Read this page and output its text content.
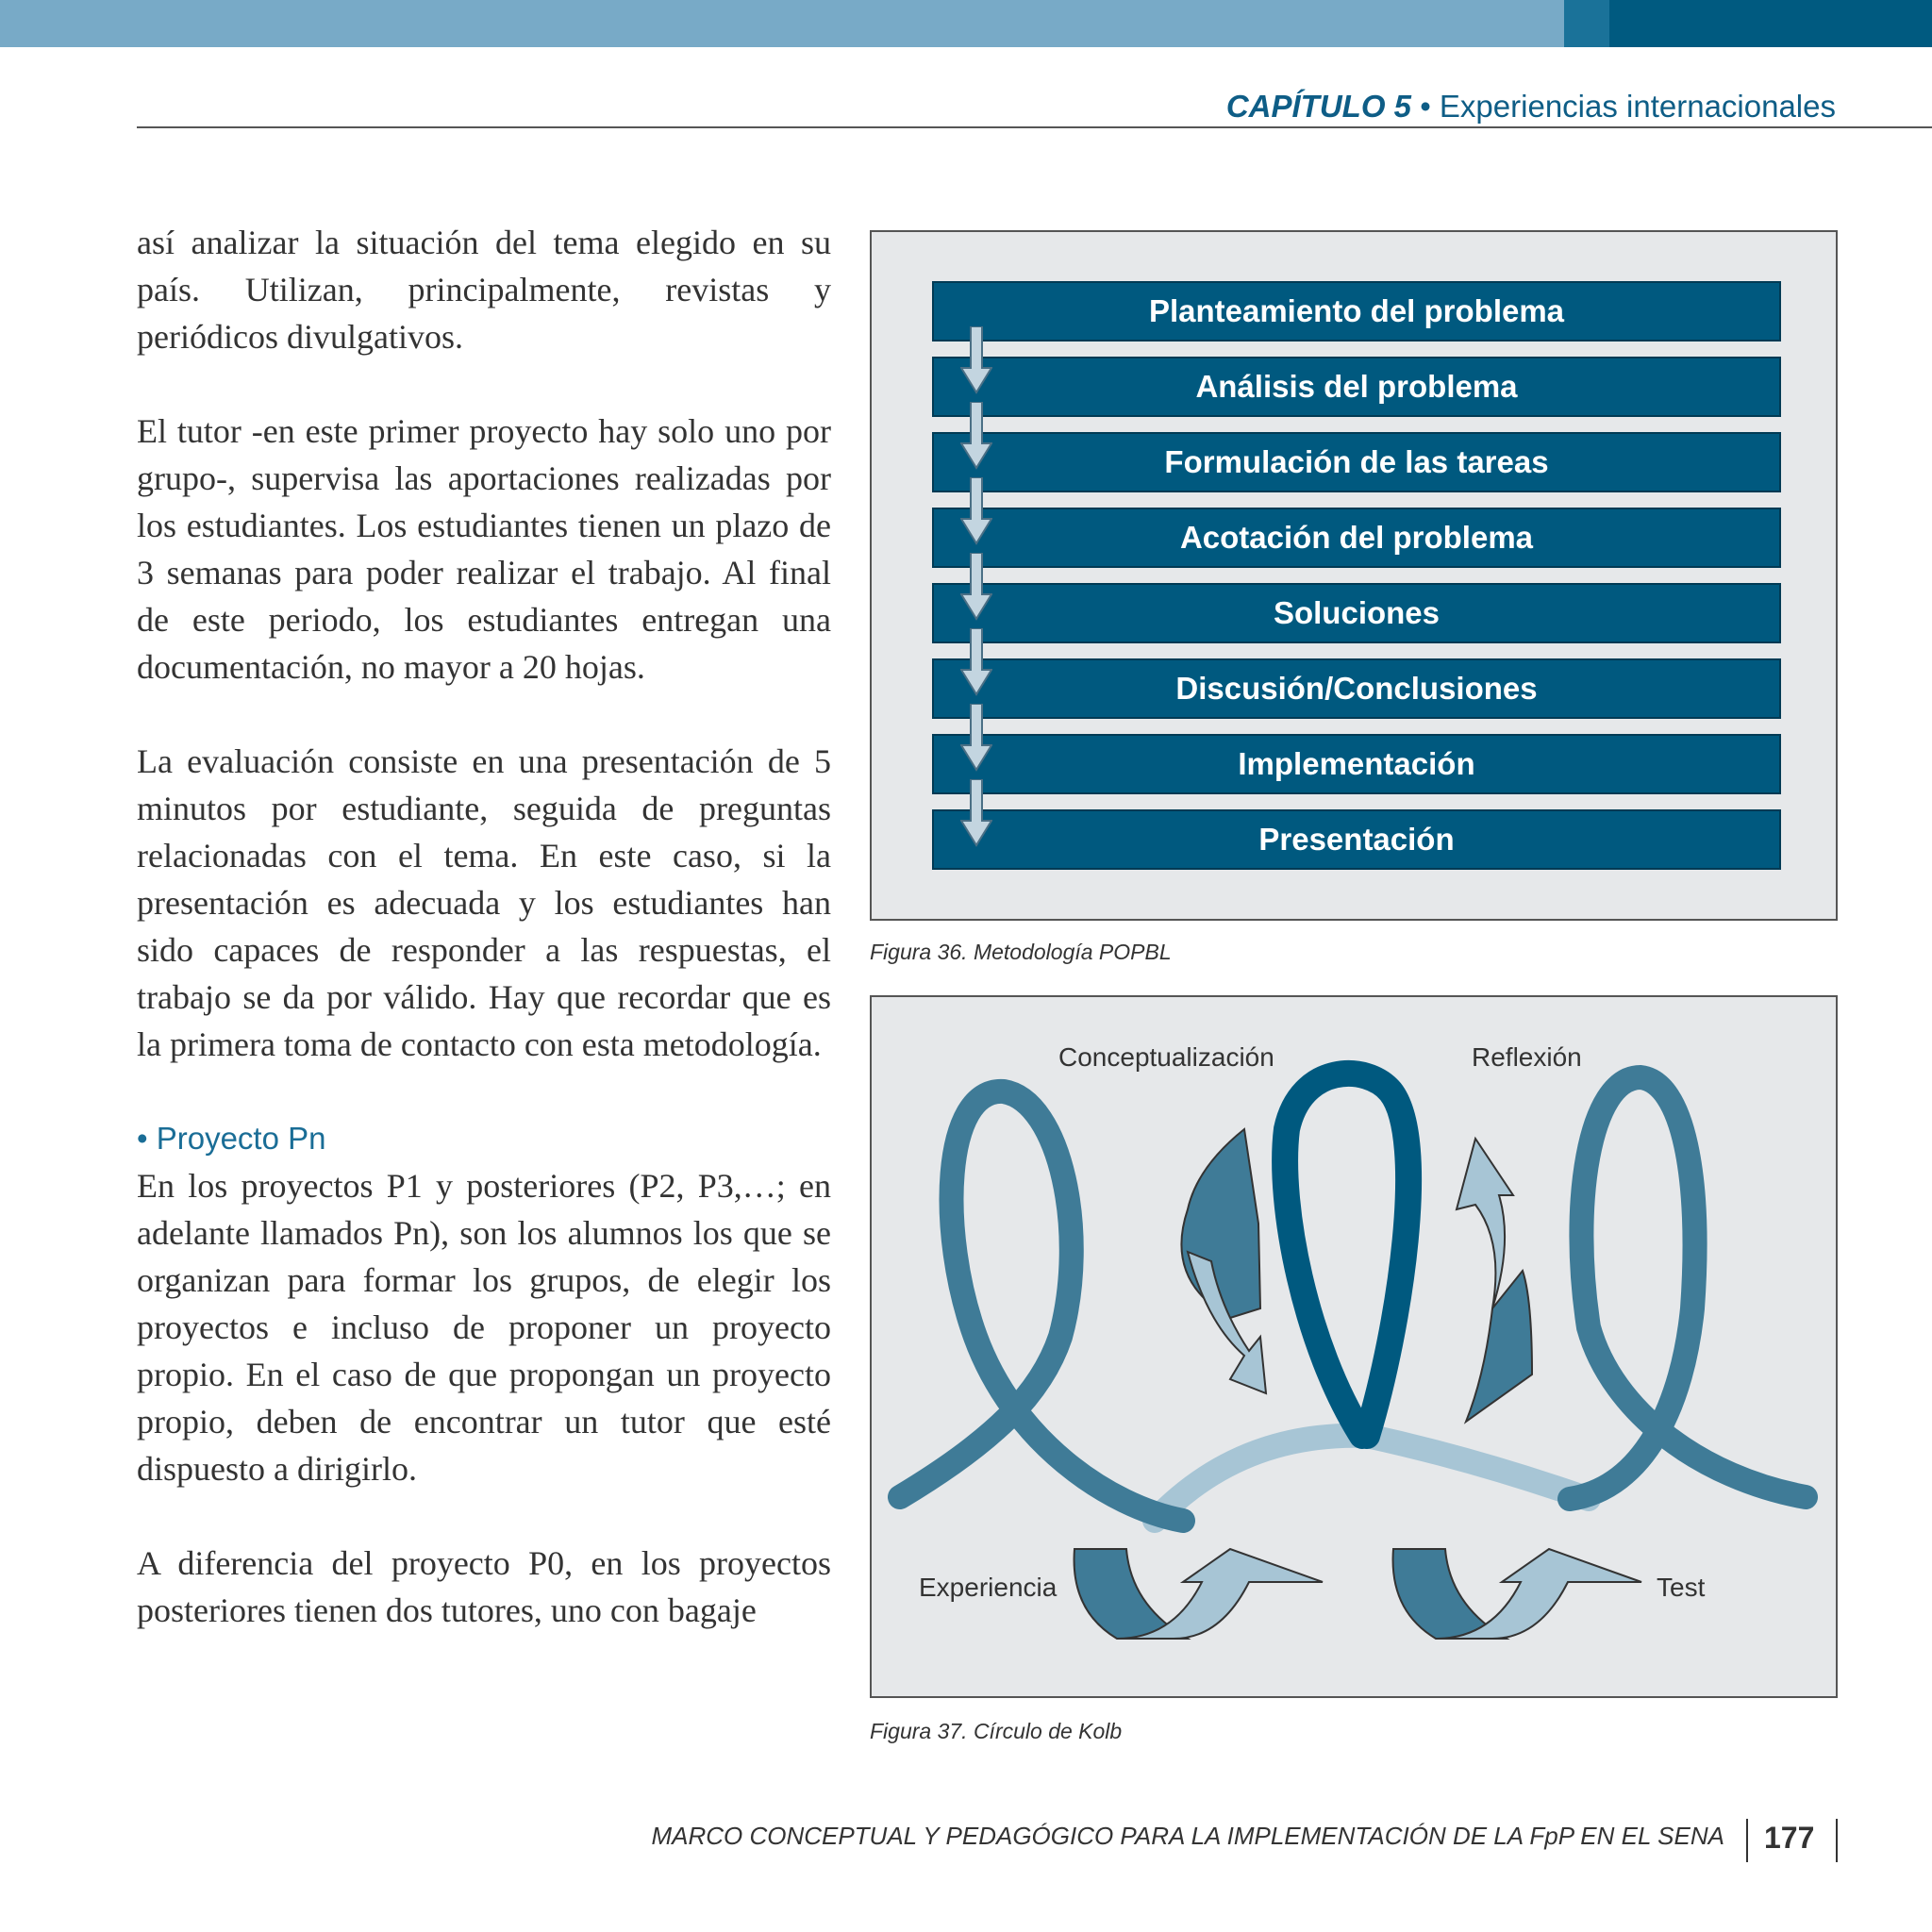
CAPÍTULO 5 • Experiencias internacionales

así analizar la situación del tema elegido en su país. Utilizan, principalmente, revistas y periódicos divulgativos.

El tutor -en este primer proyecto hay solo uno por grupo-, supervisa las aportaciones realizadas por los estudiantes. Los estudiantes tienen un plazo de 3 semanas para poder realizar el trabajo. Al final de este periodo, los estudiantes entregan una documentación, no mayor a 20 hojas.

La evaluación consiste en una presentación de 5 minutos por estudiante, seguida de preguntas relacionadas con el tema. En este caso, si la presentación es adecuada y los estudiantes han sido capaces de responder a las respuestas, el trabajo se da por válido. Hay que recordar que es la primera toma de contacto con esta metodología.

• Proyecto Pn

En los proyectos P1 y posteriores (P2, P3,…; en adelante llamados Pn), son los alumnos los que se organizan para formar los grupos, de elegir los proyectos e incluso de proponer un proyecto propio. En el caso de que propongan un proyecto propio, deben de encontrar un tutor que esté dispuesto a dirigirlo.

A diferencia del proyecto P0, en los proyectos posteriores tienen dos tutores, uno con bagaje

Planteamiento del problema
Análisis del problema
Formulación de las tareas
Acotación del problema
Soluciones
Discusión/Conclusiones
Implementación
Presentación
Figura 36. Metodología POPBL
Conceptualización	Reflexión
Experiencia	Test
Figura 37. Círculo de Kolb
MARCO CONCEPTUAL Y PEDAGÓGICO PARA LA IMPLEMENTACIÓN DE LA FpP EN EL SENA 177
